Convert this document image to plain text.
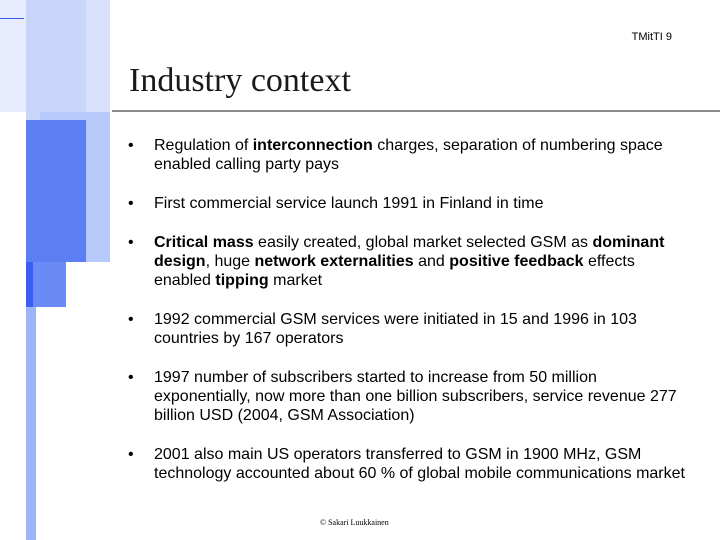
TMitTI 9
Industry context
•	Regulation of interconnection charges, separation of numbering space enabled calling party pays
•	First commercial service launch 1991 in Finland in time
•	Critical mass easily created, global market selected GSM as dominant design, huge network externalities and positive feedback effects enabled tipping market
•	1992 commercial GSM services were initiated in 15 and 1996 in 103 countries by 167 operators
•	1997 number of subscribers started to increase from 50 million exponentially, now more than one billion subscribers, service revenue 277 billion USD (2004, GSM Association)
•	2001 also main US operators transferred to GSM in 1900 MHz, GSM technology accounted about 60 % of global mobile communications market
© Sakari Luukkainen
